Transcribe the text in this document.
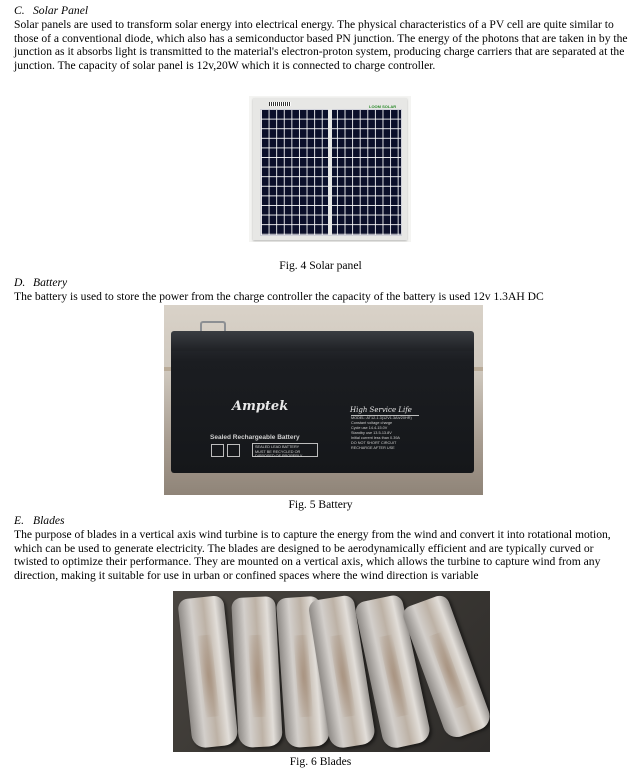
C. Solar Panel
Solar panels are used to transform solar energy into electrical energy. The physical characteristics of a PV cell are quite similar to
those of a conventional diode, which also has a semiconductor based PN junction. The energy of the photons that are taken in by the
junction as it absorbs light is transmitted to the material's electron-proton system, producing charge carriers that are separated at the
junction. The capacity of solar panel is 12v,20W which it is connected to charge controller.
LOOM SOLAR
Fig. 4 Solar panel
D. Battery
The battery is used to store the power from the charge controller the capacity of the battery is used 12v 1.3AH DC
Amptek
Sealed Rechargeable Battery
SEALED LEAD BATTERY
MUST BE RECYCLED OR
DISPOSED OF PROPERLY
High Service Life
MODEL: AT12-1.3(12V1.3Ah/20HR)
Constant voltage charge
Cycle use 14.4-15.0V
Standby use 13.5-13.8V
Initial current less than 0.39A
DO NOT SHORT CIRCUIT
RECHARGE AFTER USE
Fig. 5 Battery
E. Blades
The purpose of blades in a vertical axis wind turbine is to capture the energy from the wind and convert it into rotational motion,
which can be used to generate electricity. The blades are designed to be aerodynamically efficient and are typically curved or
twisted to optimize their performance. They are mounted on a vertical axis, which allows the turbine to capture wind from any
direction, making it suitable for use in urban or confined spaces where the wind direction is variable
Fig. 6 Blades
